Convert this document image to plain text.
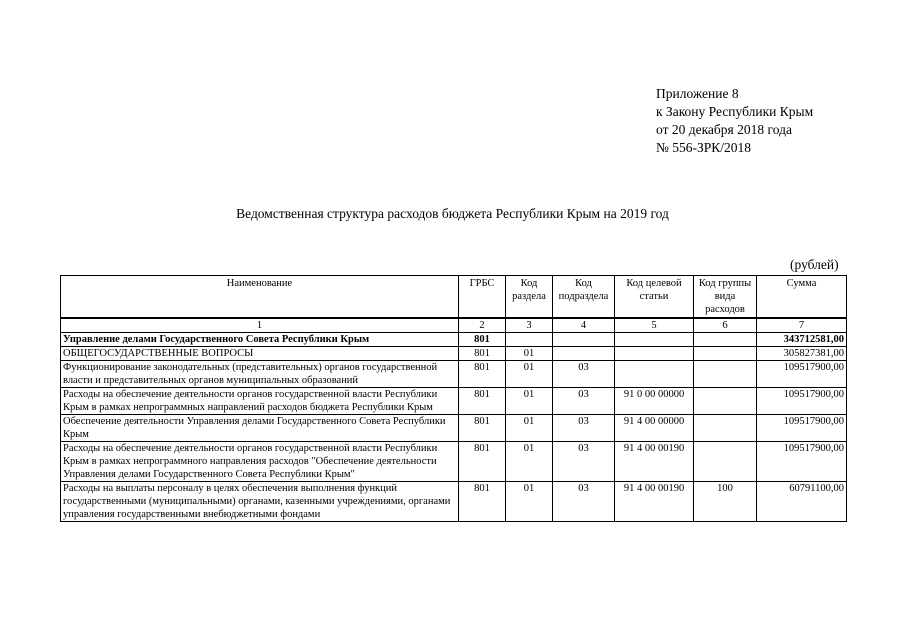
Приложение 8
к Закону Республики Крым
от 20 декабря 2018 года
№ 556-ЗРК/2018
Ведомственная структура расходов бюджета Республики Крым на 2019 год
(рублей)
Наименование	ГРБС	Код раздела	Код подраздела	Код целевой статьи	Код группы вида расходов	Сумма
1	2	3	4	5	6	7
Управление делами Государственного Совета Республики Крым	801					343712581,00
ОБЩЕГОСУДАРСТВЕННЫЕ ВОПРОСЫ	801	01				305827381,00
Функционирование законодательных (представительных) органов государственной власти и представительных органов муниципальных образований	801	01	03			109517900,00
Расходы на обеспечение деятельности органов государственной власти Республики Крым в рамках непрограммных направлений расходов бюджета Республики Крым	801	01	03	91 0 00 00000		109517900,00
Обеспечение деятельности Управления делами Государственного Совета Республики Крым	801	01	03	91 4 00 00000		109517900,00
Расходы на обеспечение деятельности органов государственной власти Республики Крым в рамках непрограммного направления расходов "Обеспечение деятельности Управления делами Государственного Совета Республики Крым"	801	01	03	91 4 00 00190		109517900,00
Расходы на выплаты персоналу в целях обеспечения выполнения функций государственными (муниципальными) органами, казенными учреждениями, органами управления государственными внебюджетными фондами	801	01	03	91 4 00 00190	100	60791100,00
